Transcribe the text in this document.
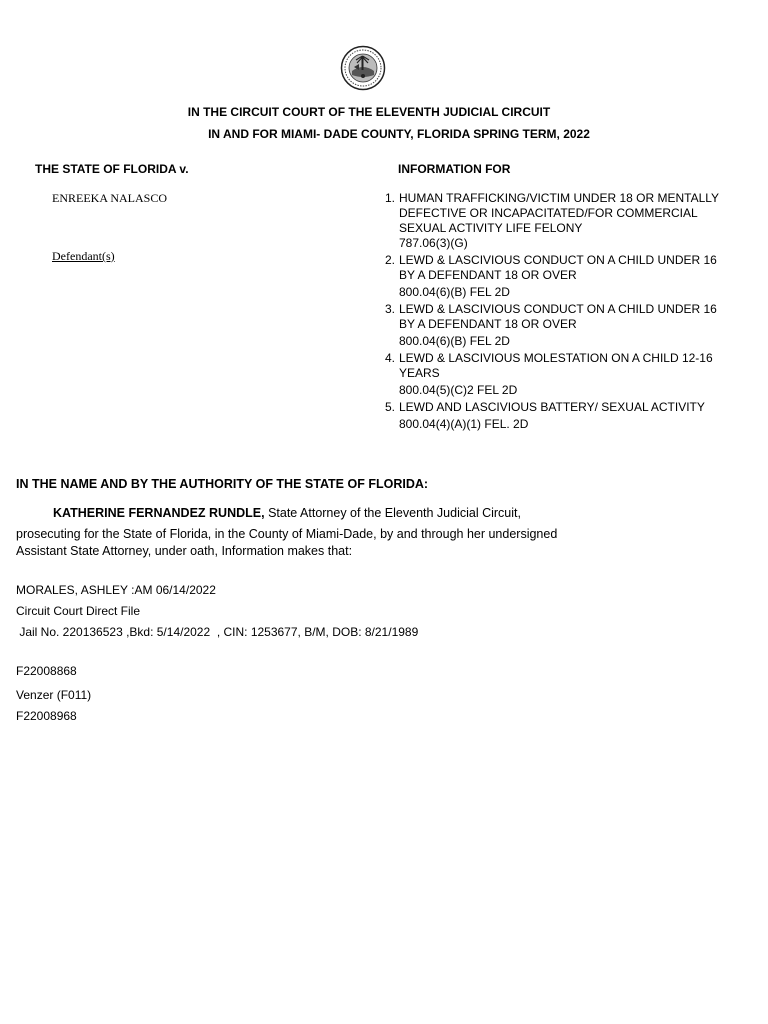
IN THE CIRCUIT COURT OF THE ELEVENTH JUDICIAL CIRCUIT
IN AND FOR MIAMI- DADE COUNTY, FLORIDA SPRING TERM, 2022
THE STATE OF FLORIDA v.	INFORMATION FOR
ENREEKA NALASCO
Defendant(s)
1. HUMAN TRAFFICKING/VICTIM UNDER 18 OR MENTALLY DEFECTIVE OR INCAPACITATED/FOR COMMERCIAL SEXUAL ACTIVITY LIFE FELONY
787.06(3)(G)
2. LEWD & LASCIVIOUS CONDUCT ON A CHILD UNDER 16 BY A DEFENDANT 18 OR OVER
800.04(6)(B) FEL 2D
3. LEWD & LASCIVIOUS CONDUCT ON A CHILD UNDER 16 BY A DEFENDANT 18 OR OVER
800.04(6)(B) FEL 2D
4. LEWD & LASCIVIOUS MOLESTATION ON A CHILD 12-16 YEARS
800.04(5)(C)2 FEL 2D
5. LEWD AND LASCIVIOUS BATTERY/ SEXUAL ACTIVITY
800.04(4)(A)(1) FEL. 2D
IN THE NAME AND BY THE AUTHORITY OF THE STATE OF FLORIDA:
KATHERINE FERNANDEZ RUNDLE, State Attorney of the Eleventh Judicial Circuit,
prosecuting for the State of Florida, in the County of Miami-Dade, by and through her undersigned
Assistant State Attorney, under oath, Information makes that:
MORALES, ASHLEY :AM 06/14/2022
Circuit Court Direct File
Jail No. 220136523 ,Bkd: 5/14/2022  , CIN: 1253677, B/M, DOB: 8/21/1989
F22008868
Venzer (F011)
F22008968
